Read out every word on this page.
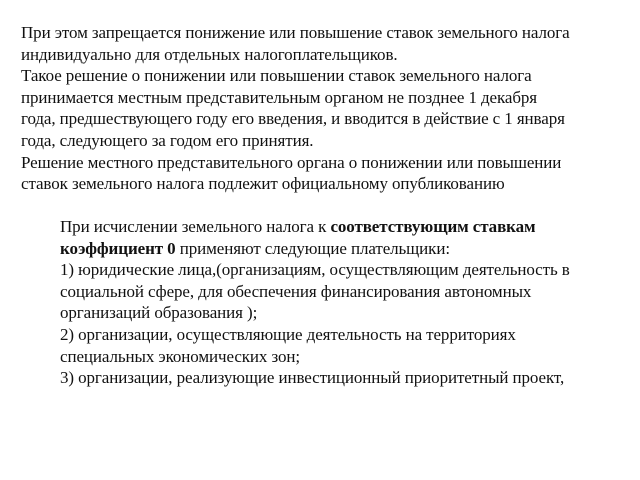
При этом запрещается понижение или повышение ставок земельного налога
индивидуально для отдельных налогоплательщиков.
Такое решение о понижении или повышении ставок земельного налога
принимается местным представительным органом не позднее 1 декабря
года, предшествующего году его введения, и вводится в действие с 1 января
года, следующего за годом его принятия.
Решение местного представительного органа о понижении или повышении
ставок земельного налога подлежит официальному опубликованию
При исчислении земельного налога к соответствующим ставкам
коэффициент 0 применяют следующие плательщики:
1) юридические лица,(организациям, осуществляющим деятельность в
социальной сфере, для обеспечения финансирования автономных
организаций образования );
2) организации, осуществляющие деятельность на территориях
специальных экономических зон;
3) организации, реализующие инвестиционный приоритетный проект,
